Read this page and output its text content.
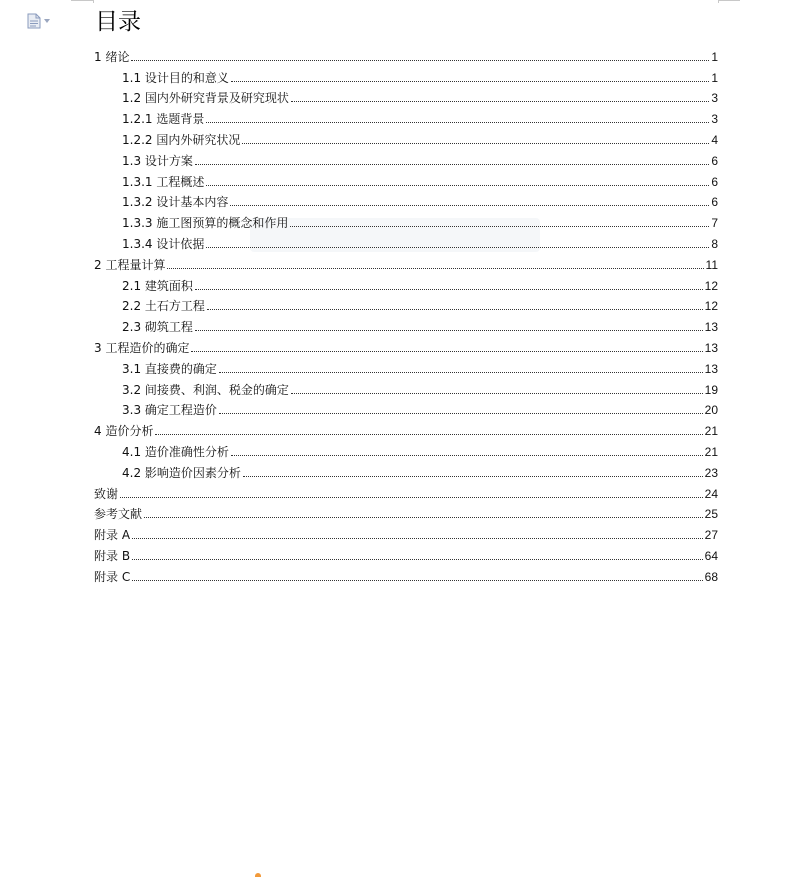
目录
1 绪论	1
1.1 设计目的和意义	1
1.2 国内外研究背景及研究现状	3
1.2.1 选题背景	3
1.2.2 国内外研究状况	4
1.3 设计方案	6
1.3.1 工程概述	6
1.3.2 设计基本内容	6
1.3.3 施工图预算的概念和作用	7
1.3.4 设计依据	8
2 工程量计算	11
2.1 建筑面积	12
2.2 土石方工程	12
2.3 砌筑工程	13
3 工程造价的确定	13
3.1 直接费的确定	13
3.2 间接费、利润、税金的确定	19
3.3 确定工程造价	20
4 造价分析	21
4.1 造价准确性分析	21
4.2 影响造价因素分析	23
致谢	24
参考文献	25
附录 A	27
附录 B	64
附录 C	68
